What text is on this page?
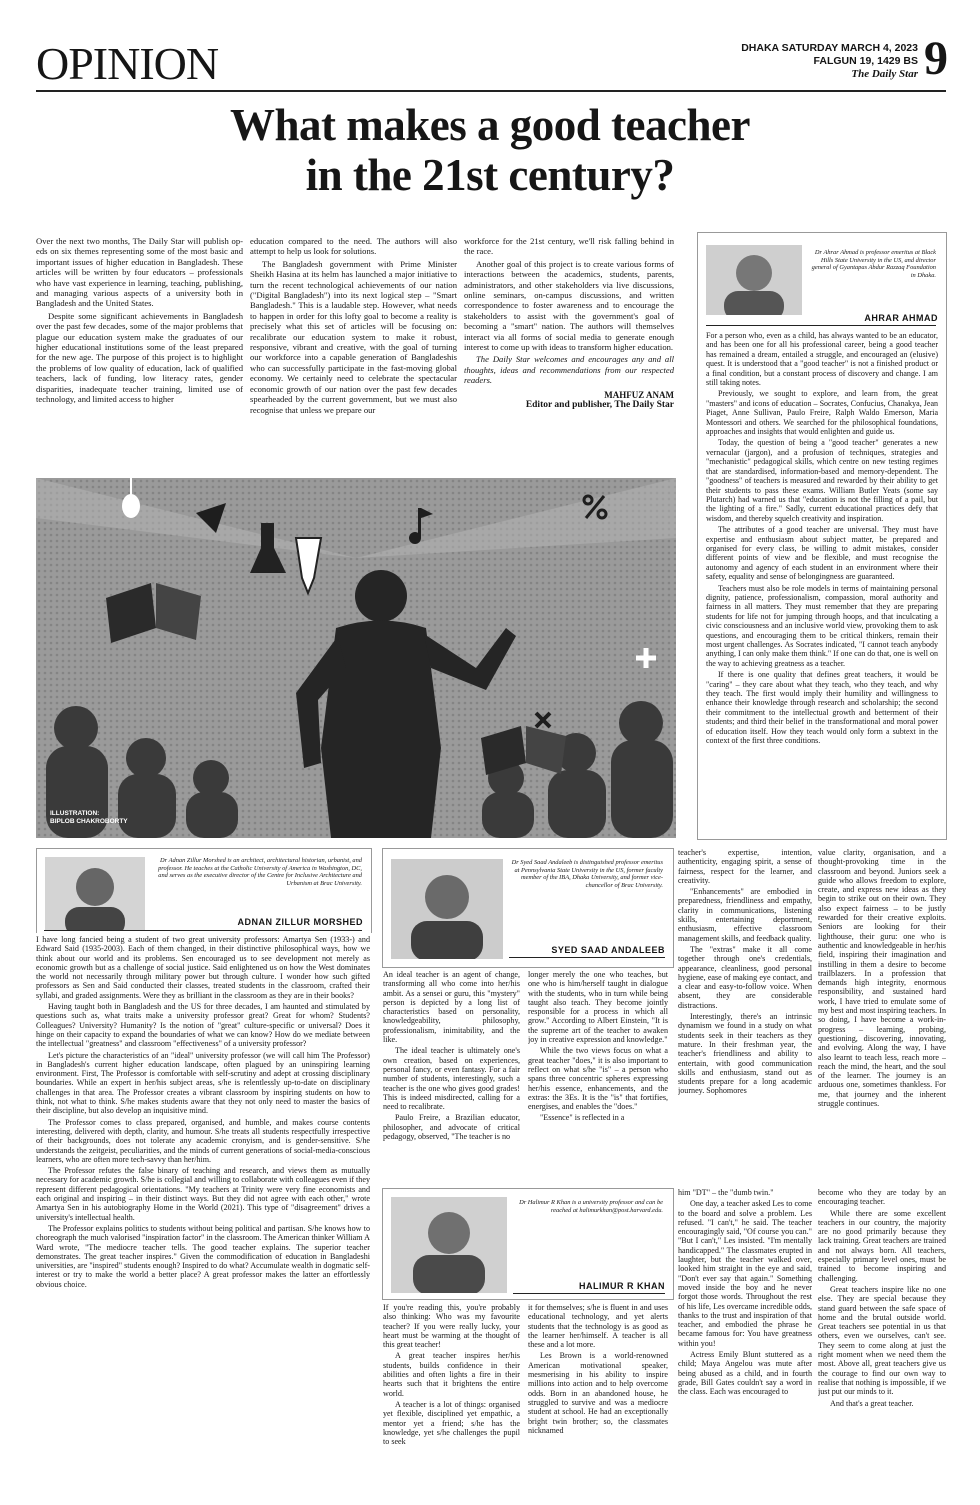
OPINION	DHAKA SATURDAY MARCH 4, 2023
FALGUN 19, 1429 BS
The Daily Star 9
What makes a good teacher
in the 21st century?

Over the next two months, The Daily Star will publish op-eds on six themes representing some of the most basic and important issues of higher education in Bangladesh. These articles will be written by four educators – professionals who have vast experience in learning, teaching, publishing, and managing various aspects of a university both in Bangladesh and the United States.

Despite some significant achievements in Bangladesh over the past few decades, some of the major problems that plague our education system make the graduates of our higher educational institutions some of the least prepared for the new age. The purpose of this project is to highlight the problems of low quality of education, lack of qualified teachers, lack of funding, low literacy rates, gender disparities, inadequate teacher training, limited use of technology, and limited access to higher

education compared to the need. The authors will also attempt to help us look for solutions.

The Bangladesh government with Prime Minister Sheikh Hasina at its helm has launched a major initiative to turn the recent technological achievements of our nation ("Digital Bangladesh") into its next logical step – "Smart Bangladesh." This is a laudable step. However, what needs to happen in order for this lofty goal to become a reality is precisely what this set of articles will be focusing on: recalibrate our education system to make it robust, responsive, vibrant and creative, with the goal of turning our workforce into a capable generation of Bangladeshis who can successfully participate in the fast-moving global economy. We certainly need to celebrate the spectacular economic growth of our nation over the past few decades spearheaded by the current government, but we must also recognise that unless we prepare our

workforce for the 21st century, we'll risk falling behind in the race.

Another goal of this project is to create various forms of interactions between the academics, students, parents, administrators, and other stakeholders via live discussions, online seminars, on-campus discussions, and written correspondence to foster awareness and to encourage the stakeholders to assist with the government's goal of becoming a "smart" nation. The authors will themselves interact via all forms of social media to generate enough interest to come up with ideas to transform higher education.

The Daily Star welcomes and encourages any and all thoughts, ideas and recommendations from our respected readers.

MAHFUZ ANAM
Editor and publisher, The Daily Star
ILLUSTRATION:
BIPLOB CHAKROBORTY
Dr Ahrar Ahmad is professor emeritus at Black Hills State University in the US, and director general of Gyantapas Abdur Razzaq Foundation in Dhaka.
AHRAR AHMAD

For a person who, even as a child, has always wanted to be an educator, and has been one for all his professional career, being a good teacher has remained a dream, entailed a struggle, and encouraged an (elusive) quest. It is understood that a "good teacher" is not a finished product or a final condition, but a constant process of discovery and change. I am still taking notes.

Previously, we sought to explore, and learn from, the great "masters" and icons of education – Socrates, Confucius, Chanakya, Jean Piaget, Anne Sullivan, Paulo Freire, Ralph Waldo Emerson, Maria Montessori and others. We searched for the philosophical foundations, approaches and insights that would enlighten and guide us.

Today, the question of being a "good teacher" generates a new vernacular (jargon), and a profusion of techniques, strategies and "mechanistic" pedagogical skills, which centre on new testing regimes that are standardised, information-based and memory-dependent. The "goodness" of teachers is measured and rewarded by their ability to get their students to pass these exams. William Butler Yeats (some say Plutarch) had warned us that "education is not the filling of a pail, but the lighting of a fire." Sadly, current educational practices defy that wisdom, and thereby squelch creativity and inspiration.

The attributes of a good teacher are universal. They must have expertise and enthusiasm about subject matter, be prepared and organised for every class, be willing to admit mistakes, consider different points of view and be flexible, and must recognise the autonomy and agency of each student in an environment where their safety, equality and sense of belongingness are guaranteed.

Teachers must also be role models in terms of maintaining personal dignity, patience, professionalism, compassion, moral authority and fairness in all matters. They must remember that they are preparing students for life not for jumping through hoops, and that inculcating a civic consciousness and an inclusive world view, provoking them to ask questions, and encouraging them to be critical thinkers, remain their most urgent challenges. As Socrates indicated, "I cannot teach anybody anything, I can only make them think." If one can do that, one is well on the way to achieving greatness as a teacher.

If there is one quality that defines great teachers, it would be "caring" – they care about what they teach, who they teach, and why they teach. The first would imply their humility and willingness to enhance their knowledge through research and scholarship; the second their commitment to the intellectual growth and betterment of their students; and third their belief in the transformational and moral power of education itself. How they teach would only form a subtext in the context of the first three conditions.

Dr Adnan Zillur Morshed is an architect, architectural historian, urbanist, and professor. He teaches at the Catholic University of America in Washington, DC, and serves as the executive director of the Centre for Inclusive Architecture and Urbanism at Brac University.
ADNAN ZILLUR MORSHED

I have long fancied being a student of two great university professors: Amartya Sen (1933-) and Edward Said (1935-2003). Each of them changed, in their distinctive philosophical ways, how we think about our world and its problems. Sen encouraged us to see development not merely as economic growth but as a challenge of social justice. Said enlightened us on how the West dominates the world not necessarily through military power but through culture. I wonder how such gifted professors as Sen and Said conducted their classes, treated students in the classroom, crafted their syllabi, and graded assignments. Were they as brilliant in the classroom as they are in their books?

Having taught both in Bangladesh and the US for three decades, I am haunted and stimulated by questions such as, what traits make a university professor great? Great for whom? Students? Colleagues? University? Humanity? Is the notion of "great" culture-specific or universal? Does it hinge on their capacity to expand the boundaries of what we can know? How do we mediate between the intellectual "greatness" and classroom "effectiveness" of a university professor?

Let's picture the characteristics of an "ideal" university professor (we will call him The Professor) in Bangladesh's current higher education landscape, often plagued by an uninspiring learning environment. First, The Professor is comfortable with self-scrutiny and adept at crossing disciplinary boundaries. While an expert in her/his subject areas, s/he is relentlessly up-to-date on disciplinary challenges in that area. The Professor creates a vibrant classroom by inspiring students on how to think, not what to think. S/he makes students aware that they not only need to master the basics of their discipline, but also develop an inquisitive mind.

The Professor comes to class prepared, organised, and humble, and makes course contents interesting, delivered with depth, clarity, and humour. S/he treats all students respectfully irrespective of their backgrounds, does not tolerate any academic cronyism, and is gender-sensitive. S/he understands the zeitgeist, peculiarities, and the minds of current generations of social-media-conscious learners, who are often more tech-savvy than her/him.

The Professor refutes the false binary of teaching and research, and views them as mutually necessary for academic growth. S/he is collegial and willing to collaborate with colleagues even if they represent different pedagogical orientations. "My teachers at Trinity were very fine economists and each original and inspiring – in their distinct ways. But they did not agree with each other," wrote Amartya Sen in his autobiography Home in the World (2021). This type of "disagreement" drives a university's intellectual health.

The Professor explains politics to students without being political and partisan. S/he knows how to choreograph the much valorised "inspiration factor" in the classroom. The American thinker William A Ward wrote, "The mediocre teacher tells. The good teacher explains. The superior teacher demonstrates. The great teacher inspires." Given the commodification of education in Bangladeshi universities, are "inspired" students enough? Inspired to do what? Accumulate wealth in dogmatic self-interest or try to make the world a better place? A great professor makes the latter an effortlessly obvious choice.

Dr Syed Saad Andaleeb is distinguished professor emeritus at Pennsylvania State University in the US, former faculty member of the IBA, Dhaka University, and former vice-chancellor of Brac University.
SYED SAAD ANDALEEB

An ideal teacher is an agent of change, transforming all who come into her/his ambit. As a sensei or guru, this "mystery" person is depicted by a long list of characteristics based on personality, knowledgeability, philosophy, professionalism, inimitability, and the like.

The ideal teacher is ultimately one's own creation, based on experiences, personal fancy, or even fantasy. For a fair number of students, interestingly, such a teacher is the one who gives good grades! This is indeed misdirected, calling for a need to recalibrate.

Paulo Freire, a Brazilian educator, philosopher, and advocate of critical pedagogy, observed, "The teacher is no

longer merely the one who teaches, but one who is him/herself taught in dialogue with the students, who in turn while being taught also teach. They become jointly responsible for a process in which all grow." According to Albert Einstein, "It is the supreme art of the teacher to awaken joy in creative expression and knowledge."

While the two views focus on what a great teacher "does," it is also important to reflect on what s/he "is" – a person who spans three concentric spheres expressing her/his essence, enhancements, and the extras: the 3Es. It is the "is" that fortifies, energises, and enables the "does."

"Essence" is reflected in a

teacher's expertise, intention, authenticity, engaging spirit, a sense of fairness, respect for the learner, and creativity.

"Enhancements" are embodied in preparedness, friendliness and empathy, clarity in communications, listening skills, entertaining deportment, enthusiasm, effective classroom management skills, and feedback quality.

The "extras" make it all come together through one's credentials, appearance, cleanliness, good personal hygiene, ease of making eye contact, and a clear and easy-to-follow voice. When absent, they are considerable distractions.

Interestingly, there's an intrinsic dynamism we found in a study on what students seek in their teachers as they mature. In their freshman year, the teacher's friendliness and ability to entertain, with good communication skills and enthusiasm, stand out as students prepare for a long academic journey. Sophomores

value clarity, organisation, and a thought-provoking time in the classroom and beyond. Juniors seek a guide who allows freedom to explore, create, and express new ideas as they begin to strike out on their own. They also expect fairness – to be justly rewarded for their creative exploits. Seniors are looking for their lighthouse, their guru: one who is authentic and knowledgeable in her/his field, inspiring their imagination and instilling in them a desire to become trailblazers. In a profession that demands high integrity, enormous responsibility, and sustained hard work, I have tried to emulate some of my best and most inspiring teachers. In so doing, I have become a work-in-progress – learning, probing, questioning, discovering, innovating, and evolving. Along the way, I have also learnt to teach less, reach more – reach the mind, the heart, and the soul of the learner. The journey is an arduous one, sometimes thankless. For me, that journey and the inherent struggle continues.

Dr Halimur R Khan is a university professor and can be reached at halimurkhan@post.harvard.edu.
HALIMUR R KHAN

If you're reading this, you're probably also thinking: Who was my favourite teacher? If you were really lucky, your heart must be warming at the thought of this great teacher!

A great teacher inspires her/his students, builds confidence in their abilities and often lights a fire in their hearts such that it brightens the entire world.

A teacher is a lot of things: organised yet flexible, disciplined yet empathic, a mentor yet a friend; s/he has the knowledge, yet s/he challenges the pupil to seek

it for themselves; s/he is fluent in and uses educational technology, and yet alerts students that the technology is as good as the learner her/himself. A teacher is all these and a lot more.

Les Brown is a world-renowned American motivational speaker, mesmerising in his ability to inspire millions into action and to help overcome odds. Born in an abandoned house, he struggled to survive and was a mediocre student at school. He had an exceptionally bright twin brother; so, the classmates nicknamed

him "DT" – the "dumb twin."

One day, a teacher asked Les to come to the board and solve a problem. Les refused. "I can't," he said. The teacher encouragingly said, "Of course you can." "But I can't," Les insisted. "I'm mentally handicapped." The classmates erupted in laughter, but the teacher walked over, looked him straight in the eye and said, "Don't ever say that again." Something moved inside the boy and he never forgot those words. Throughout the rest of his life, Les overcame incredible odds, thanks to the trust and inspiration of that teacher, and embodied the phrase he became famous for: You have greatness within you!

Actress Emily Blunt stuttered as a child; Maya Angelou was mute after being abused as a child, and in fourth grade, Bill Gates couldn't say a word in the class. Each was encouraged to

become who they are today by an encouraging teacher.

While there are some excellent teachers in our country, the majority are no good primarily because they lack training. Great teachers are trained and not always born. All teachers, especially primary level ones, must be trained to become inspiring and challenging.

Great teachers inspire like no one else. They are special because they stand guard between the safe space of home and the brutal outside world. Great teachers see potential in us that others, even we ourselves, can't see. They seem to come along at just the right moment when we need them the most. Above all, great teachers give us the courage to find our own way to realise that nothing is impossible, if we just put our minds to it.

And that's a great teacher.
